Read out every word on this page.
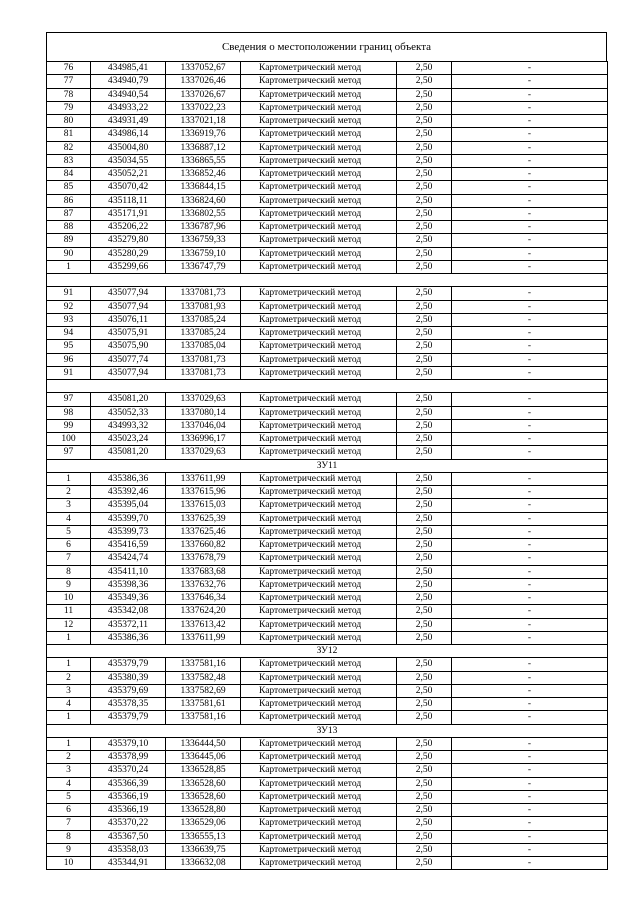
Сведения о местоположении границ объекта
76	434985,41	1337052,67	Картометрический метод	2,50	-
77	434940,79	1337026,46	Картометрический метод	2,50	-
78	434940,54	1337026,67	Картометрический метод	2,50	-
79	434933,22	1337022,23	Картометрический метод	2,50	-
80	434931,49	1337021,18	Картометрический метод	2,50	-
81	434986,14	1336919,76	Картометрический метод	2,50	-
82	435004,80	1336887,12	Картометрический метод	2,50	-
83	435034,55	1336865,55	Картометрический метод	2,50	-
84	435052,21	1336852,46	Картометрический метод	2,50	-
85	435070,42	1336844,15	Картометрический метод	2,50	-
86	435118,11	1336824,60	Картометрический метод	2,50	-
87	435171,91	1336802,55	Картометрический метод	2,50	-
88	435206,22	1336787,96	Картометрический метод	2,50	-
89	435279,80	1336759,33	Картометрический метод	2,50	-
90	435280,29	1336759,10	Картометрический метод	2,50	-
1	435299,66	1336747,79	Картометрический метод	2,50	-

91	435077,94	1337081,73	Картометрический метод	2,50	-
92	435077,94	1337081,93	Картометрический метод	2,50	-
93	435076,11	1337085,24	Картометрический метод	2,50	-
94	435075,91	1337085,24	Картометрический метод	2,50	-
95	435075,90	1337085,04	Картометрический метод	2,50	-
96	435077,74	1337081,73	Картометрический метод	2,50	-
91	435077,94	1337081,73	Картометрический метод	2,50	-

97	435081,20	1337029,63	Картометрический метод	2,50	-
98	435052,33	1337080,14	Картометрический метод	2,50	-
99	434993,32	1337046,04	Картометрический метод	2,50	-
100	435023,24	1336996,17	Картометрический метод	2,50	-
97	435081,20	1337029,63	Картометрический метод	2,50	-
ЗУ11					
1	435386,36	1337611,99	Картометрический метод	2,50	-
2	435392,46	1337615,96	Картометрический метод	2,50	-
3	435395,04	1337615,03	Картометрический метод	2,50	-
4	435399,70	1337625,39	Картометрический метод	2,50	-
5	435399,73	1337625,46	Картометрический метод	2,50	-
6	435416,59	1337660,82	Картометрический метод	2,50	-
7	435424,74	1337678,79	Картометрический метод	2,50	-
8	435411,10	1337683,68	Картометрический метод	2,50	-
9	435398,36	1337632,76	Картометрический метод	2,50	-
10	435349,36	1337646,34	Картометрический метод	2,50	-
11	435342,08	1337624,20	Картометрический метод	2,50	-
12	435372,11	1337613,42	Картометрический метод	2,50	-
1	435386,36	1337611,99	Картометрический метод	2,50	-
ЗУ12					
1	435379,79	1337581,16	Картометрический метод	2,50	-
2	435380,39	1337582,48	Картометрический метод	2,50	-
3	435379,69	1337582,69	Картометрический метод	2,50	-
4	435378,35	1337581,61	Картометрический метод	2,50	-
1	435379,79	1337581,16	Картометрический метод	2,50	-
ЗУ13					
1	435379,10	1336444,50	Картометрический метод	2,50	-
2	435378,99	1336445,06	Картометрический метод	2,50	-
3	435370,24	1336528,85	Картометрический метод	2,50	-
4	435366,39	1336528,60	Картометрический метод	2,50	-
5	435366,19	1336528,60	Картометрический метод	2,50	-
6	435366,19	1336528,80	Картометрический метод	2,50	-
7	435370,22	1336529,06	Картометрический метод	2,50	-
8	435367,50	1336555,13	Картометрический метод	2,50	-
9	435358,03	1336639,75	Картометрический метод	2,50	-
10	435344,91	1336632,08	Картометрический метод	2,50	-
